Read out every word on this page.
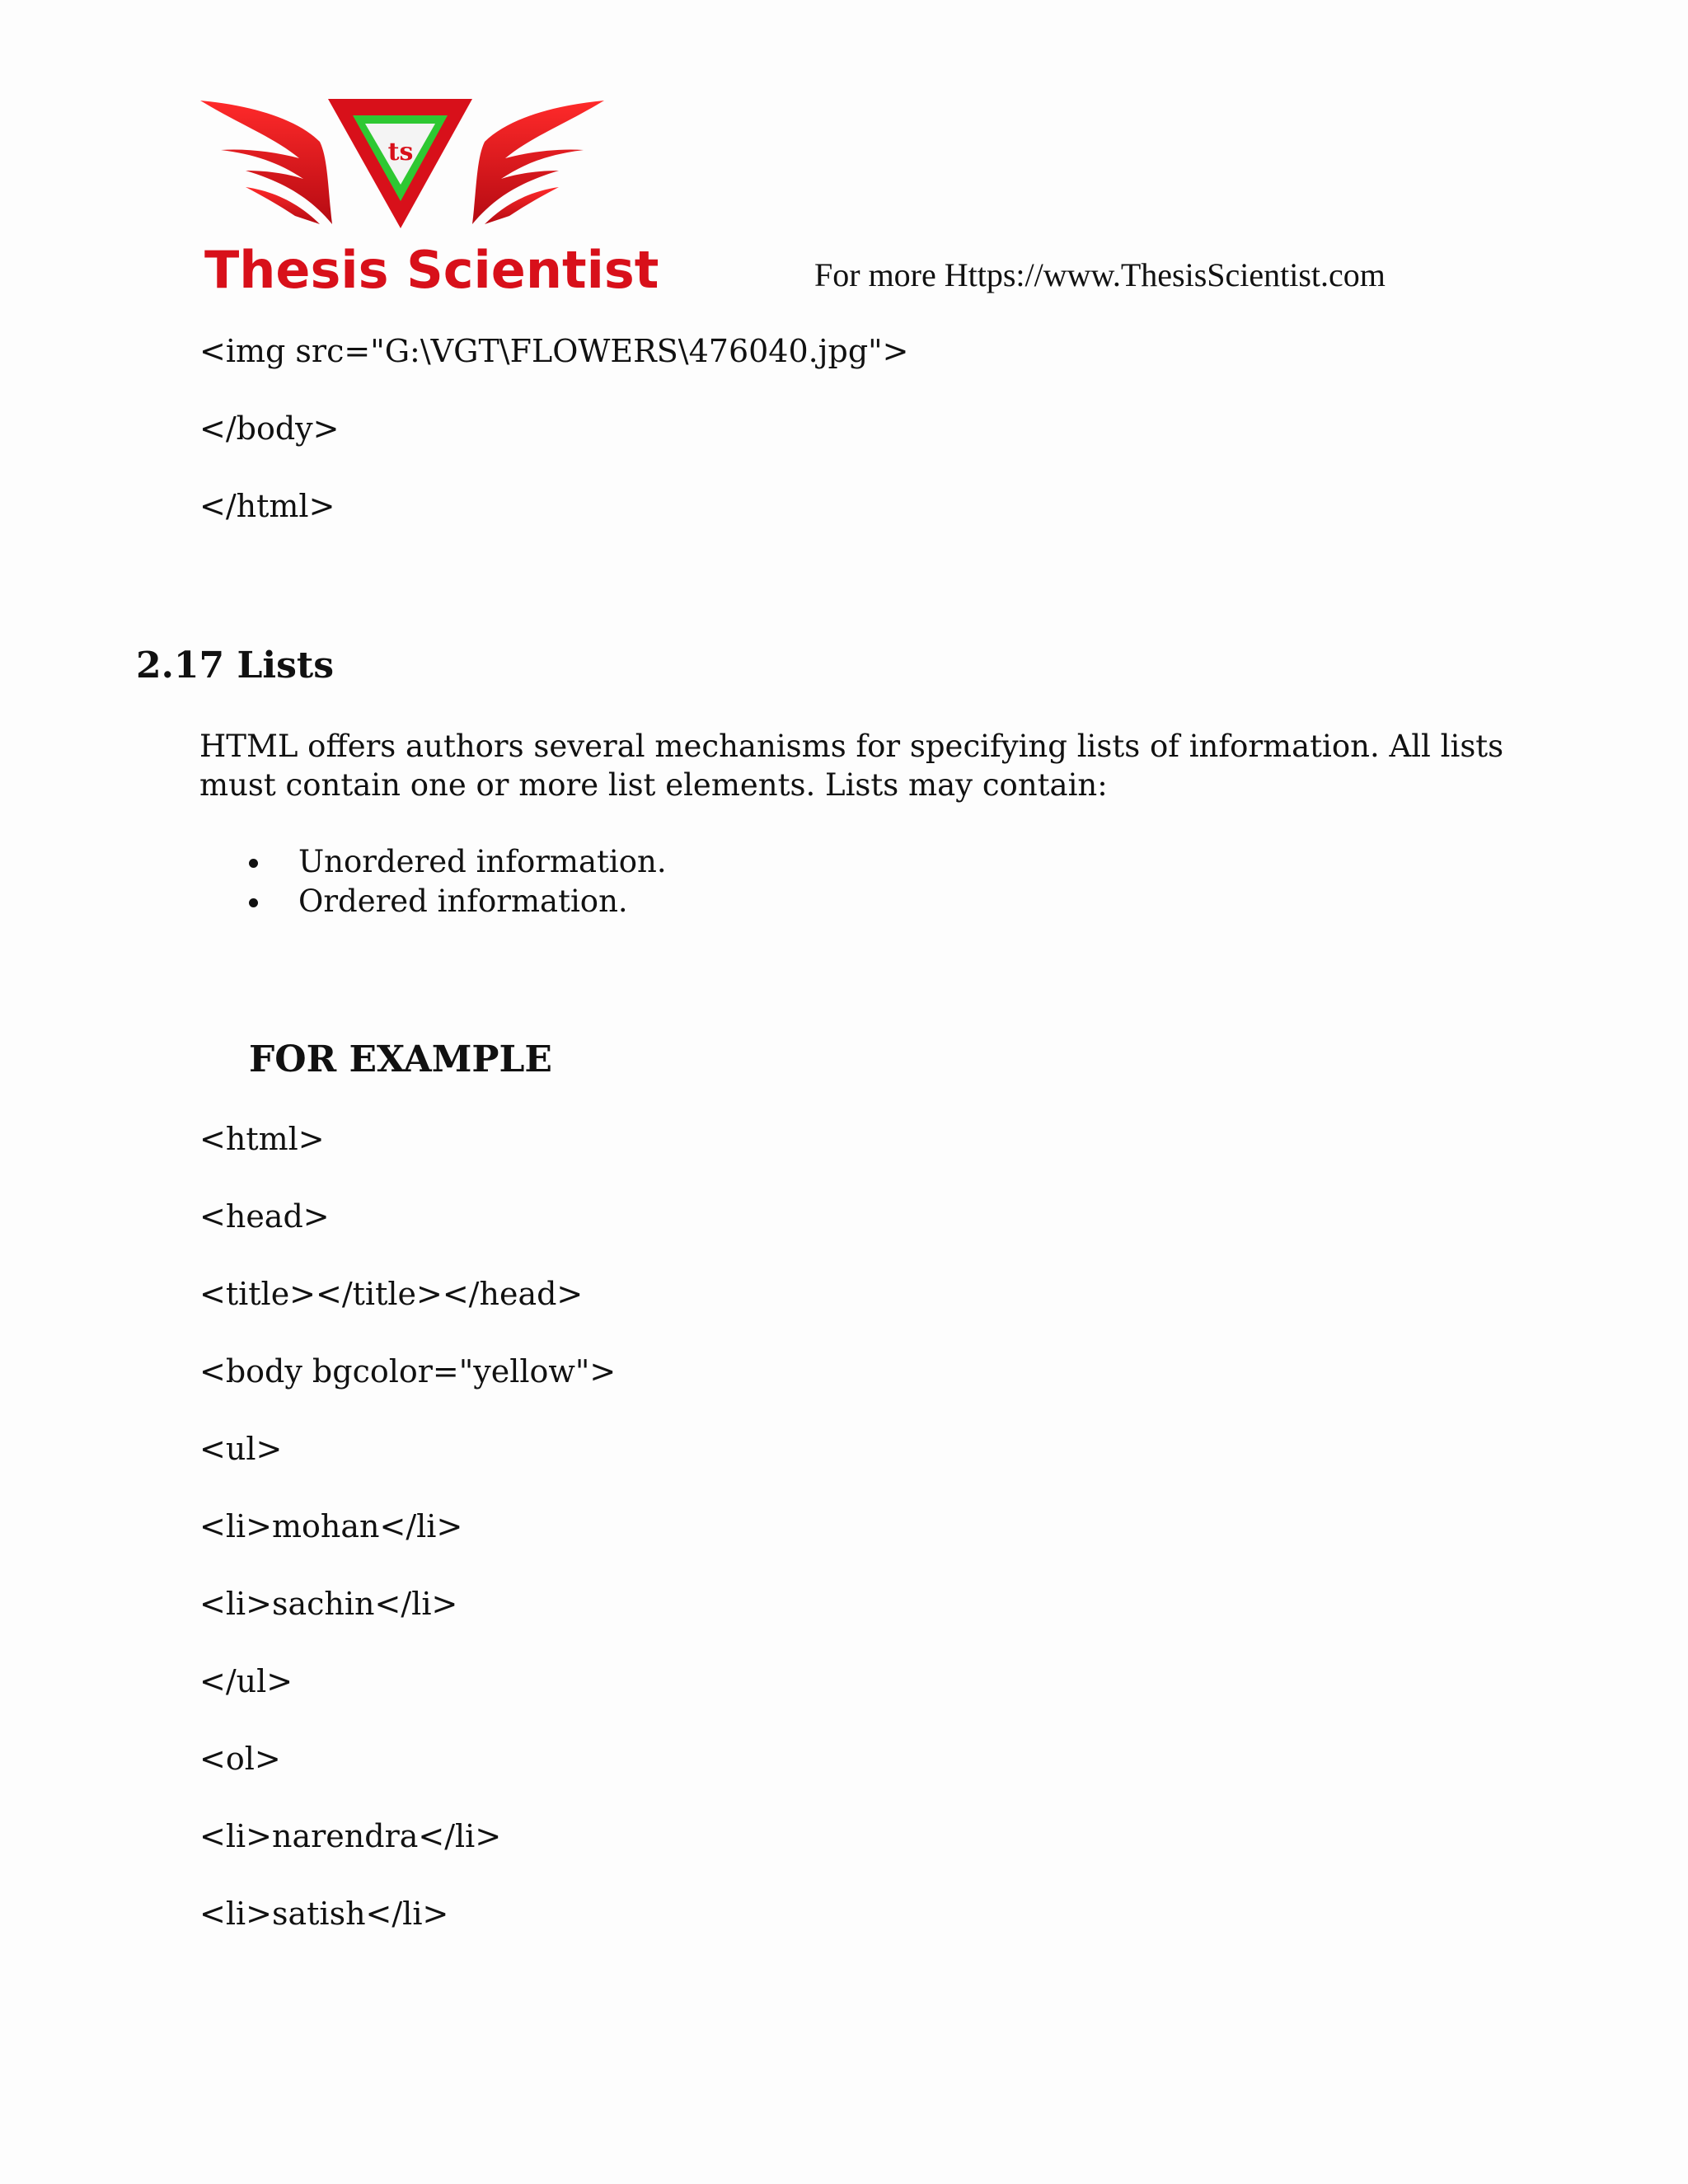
ts
Thesis Scientist	For more Https://www.ThesisScientist.com
<img src="G:\VGT\FLOWERS\476040.jpg">
</body>
</html>
2.17 Lists
HTML offers authors several mechanisms for specifying lists of information. All lists
must contain one or more list elements. Lists may contain:
Unordered information.
Ordered information.
FOR EXAMPLE
<html>
<head>
<title></title></head>
<body bgcolor="yellow">
<ul>
<li>mohan</li>
<li>sachin</li>
</ul>
<ol>
<li>narendra</li>
<li>satish</li>
